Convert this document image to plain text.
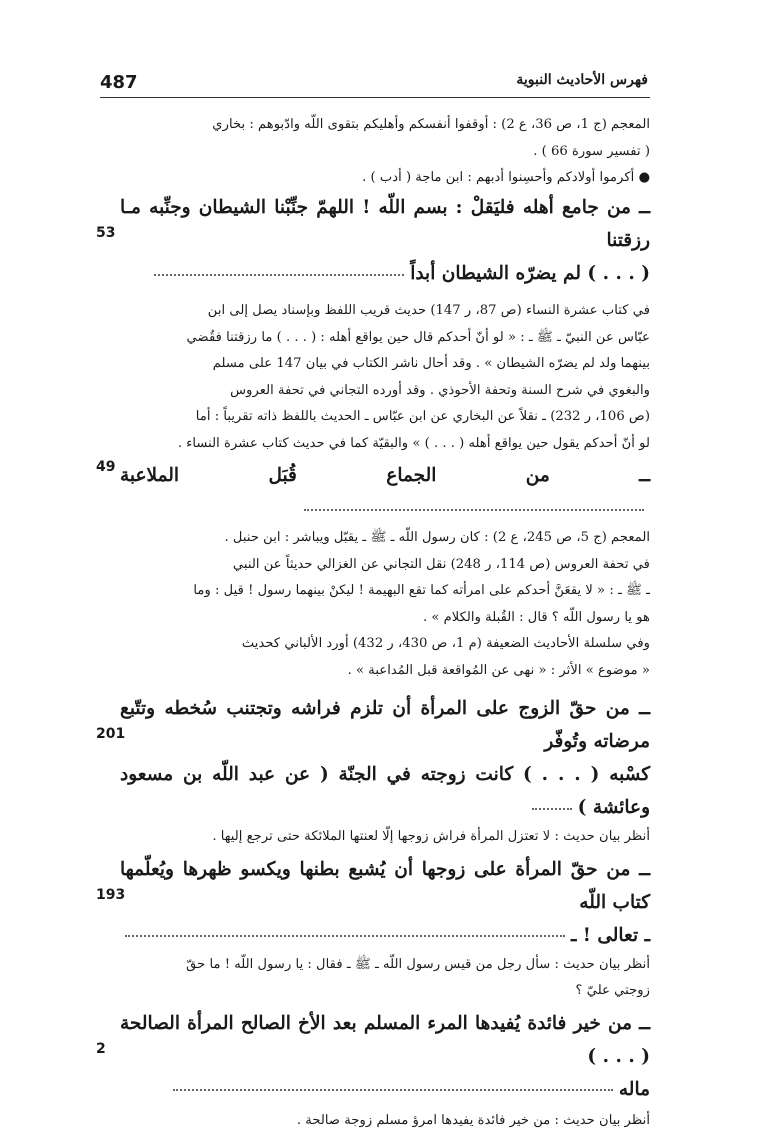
487	فهرس الأحاديث النبوية
المعجم (ج 1، ص 36، ع 2) : أوقفوا أنفسكم وأهليكم بتقوى اللّه وادّبوهم : بخاري
( تفسير سورة 66 ) .
● أكرموا أولادكم وأحسِنوا أدبهم : ابن ماجة ( أدب ) .
ــ من جامع أهله فليَقلْ : بسم اللّه ! اللهمّ جنِّبْنا الشيطان وجنِّبه مـا رزقتنا
( . . . ) لم يضرّه الشيطان أبداً
53
في كتاب عشرة النساء (ص 87، ر 147) حديث قريب اللفظ وبإسناد يصل إلى ابن
عبّاس عن النبيّ ـ ﷺ ـ : « لو أنّ أحدكم قال حين يواقع أهله : ( . . . ) ما رزقتنا فقُضي
بينهما ولد لم يضرّه الشيطان » . وقد أحال ناشر الكتاب في بيان 147 على مسلم
والبغوي في شرح السنة وتحفة الأحوذي . وقد أورده التجاني في تحفة العروس
(ص 106، ر 232) ـ نقلاً عن البخاري عن ابن عبّاس ـ الحديث باللفظ ذاته تقريباً : أما
لو أنّ أحدكم يقول حين يواقع أهله ( . . . ) » والبقيّة كما في حديث كتاب عشرة النساء .
ــ من الجماع قُبَل الملاعبة
49
المعجم (ج 5، ص 245، ع 2) : كان رسول اللّه ـ ﷺ ـ يقبّل ويباشر : ابن حنبل .
في تحفة العروس (ص 114، ر 248) نقل التجاني عن الغزالي حديثاً عن النبي
ـ ﷺ ـ : « لا يقعَنَّ أحدكم على امرأته كما تقع البهيمة ! ليكنْ بينهما رسول ! قيل : وما
هو يا رسول اللّه ؟ قال : القُبلة والكلام » .
وفي سلسلة الأحاديث الضعيفة (م 1، ص 430، ر 432) أورد الألباني كحديث
« موضوع » الأثر : « نهى عن المُواقعة قبل المُداعبة » .
ــ من حقّ الزوج على المرأة أن تلزم فراشه وتجتنب سُخطه وتتّبع مرضاته وتُوفّر
كسْبه ( . . . ) كانت زوجته في الجنّة ( عن عبد اللّه بن مسعود وعائشة )
201
أنظر بيان حديث : لا تعتزل المرأة فراش زوجها إلّا لعنتها الملائكة حتى ترجع إليها .
ــ من حقّ المرأة على زوجها أن يُشبع بطنها ويكسو ظهرها ويُعلّمها كتاب اللّه
ـ تعالى ! ـ
193
أنظر بيان حديث : سأل رجل من قيس رسول اللّه ـ ﷺ ـ فقال : يا رسول اللّه ! ما حقّ
زوجتي عليّ ؟
ــ من خير فائدة يُفيدها المرء المسلم بعد الأخ الصالح المرأة الصالحة ( . . . )
ماله
2
أنظر بيان حديث : من خير فائدة يفيدها امرؤ مسلم زوجة صالحة .
